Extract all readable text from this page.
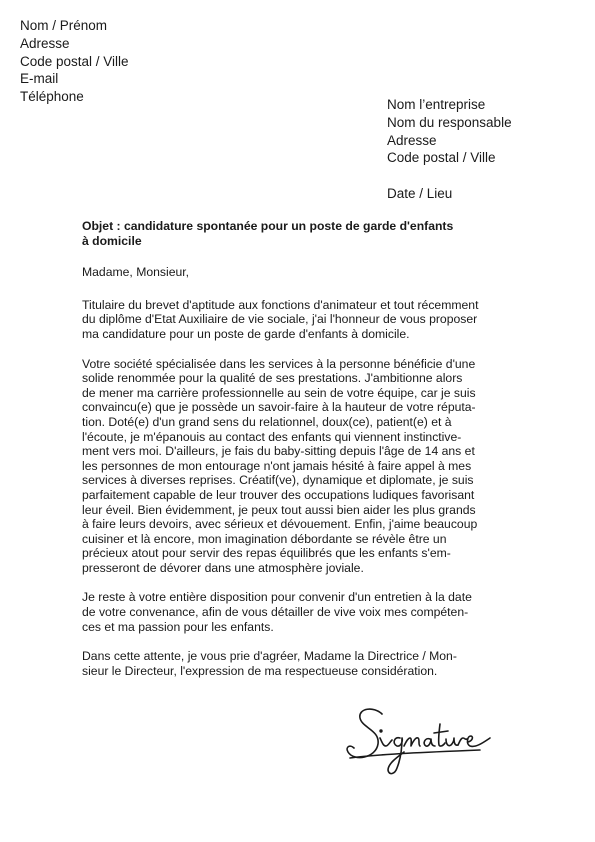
Nom / Prénom
Adresse
Code postal / Ville
E-mail
Téléphone
Nom l’entreprise
Nom du responsable
Adresse
Code postal / Ville
Date / Lieu
Objet : candidature spontanée pour un poste de garde d'enfants
à domicile
Madame, Monsieur,
Titulaire du brevet d'aptitude aux fonctions d'animateur et tout récemment
du diplôme d'Etat Auxiliaire de vie sociale, j'ai l'honneur de vous proposer
ma candidature pour un poste de garde d'enfants à domicile.
Votre société spécialisée dans les services à la personne bénéficie d'une
solide renommée pour la qualité de ses prestations. J'ambitionne alors
de mener ma carrière professionnelle au sein de votre équipe, car je suis
convaincu(e) que je possède un savoir-faire à la hauteur de votre réputa-
tion. Doté(e) d'un grand sens du relationnel, doux(ce), patient(e) et à
l'écoute, je m'épanouis au contact des enfants qui viennent instinctive-
ment vers moi. D'ailleurs, je fais du baby-sitting depuis l'âge de 14 ans et
les personnes de mon entourage n'ont jamais hésité à faire appel à mes
services à diverses reprises. Créatif(ve), dynamique et diplomate, je suis
parfaitement capable de leur trouver des occupations ludiques favorisant
leur éveil. Bien évidemment, je peux tout aussi bien aider les plus grands
à faire leurs devoirs, avec sérieux et dévouement. Enfin, j'aime beaucoup
cuisiner et là encore, mon imagination débordante se révèle être un
précieux atout pour servir des repas équilibrés que les enfants s'em-
presseront de dévorer dans une atmosphère joviale.
Je reste à votre entière disposition pour convenir d'un entretien à la date
de votre convenance, afin de vous détailler de vive voix mes compéten-
ces et ma passion pour les enfants.
Dans cette attente, je vous prie d'agréer, Madame la Directrice / Mon-
sieur le Directeur, l'expression de ma respectueuse considération.
